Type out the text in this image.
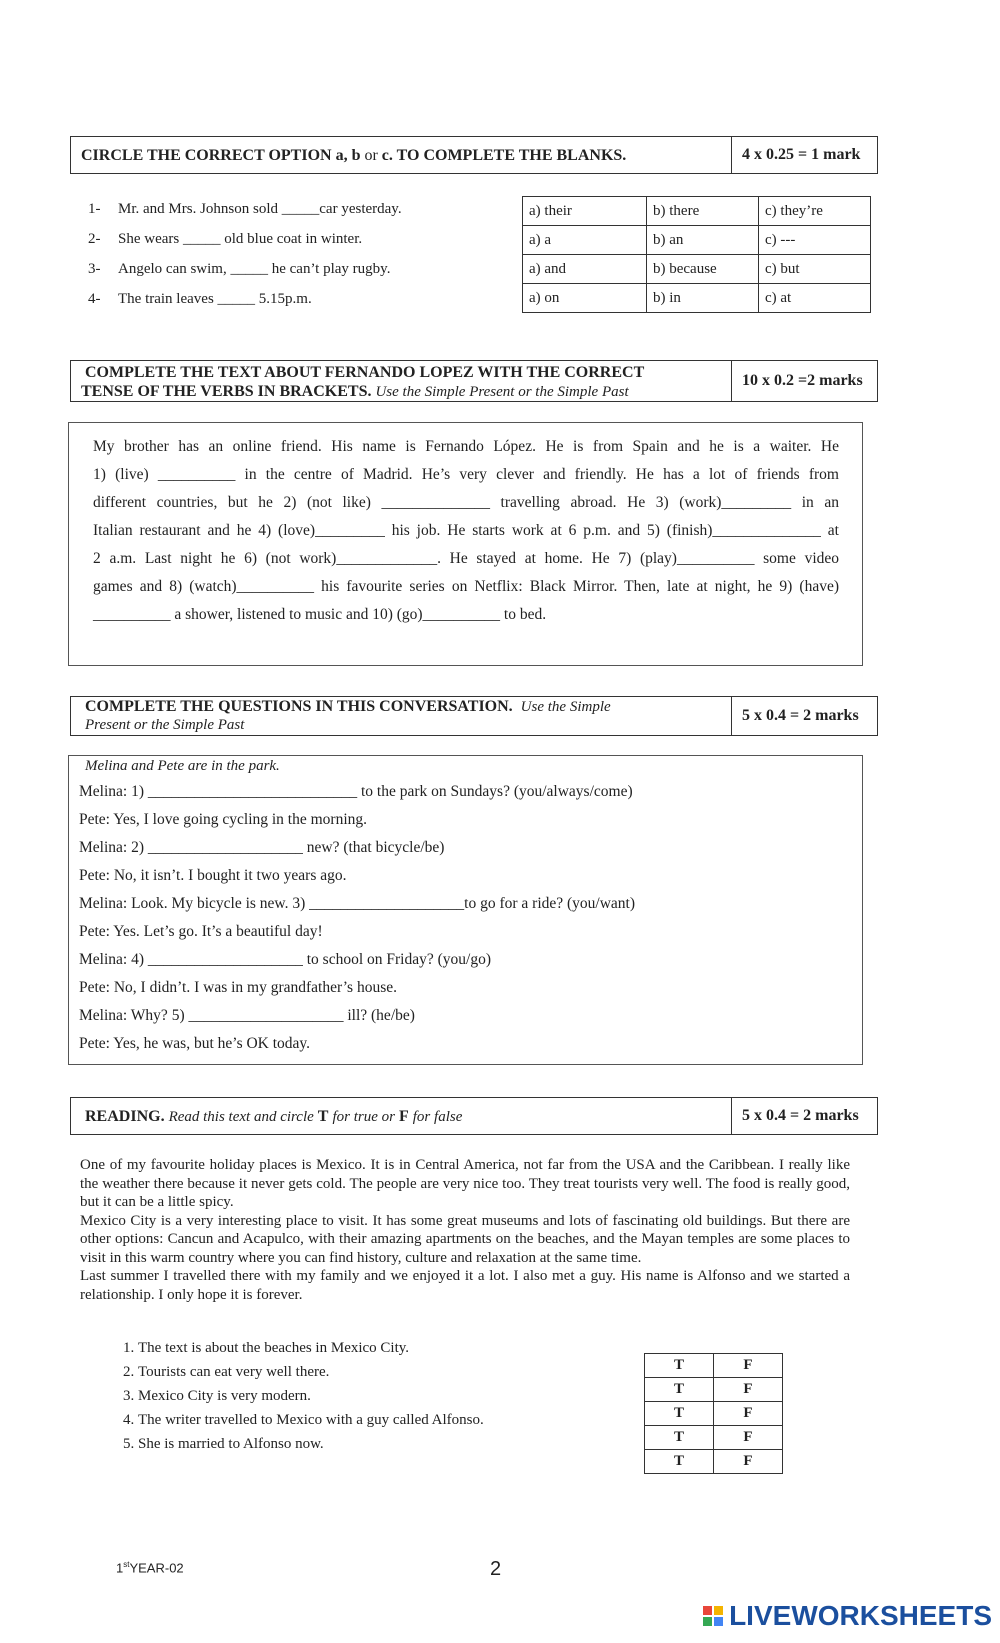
CIRCLE THE CORRECT OPTION a, b or c. TO COMPLETE THE BLANKS.	4 x 0.25 = 1 mark
1- Mr. and Mrs. Johnson sold _____car yesterday.
2- She wears _____ old blue coat in winter.
3- Angelo can swim, _____ he can’t play rugby.
4- The train leaves _____ 5.15p.m.
a) their	b) there	c) they’re
a) a	b) an	c) ---
a) and	b) because	c) but
a) on	b) in	c) at
COMPLETE THE TEXT ABOUT FERNANDO LOPEZ WITH THE CORRECT
TENSE OF THE VERBS IN BRACKETS. Use the Simple Present or the Simple Past
10 x 0.2 =2 marks
My brother has an online friend. His name is Fernando López. He is from Spain and he is a waiter. He
1) (live) __________ in the centre of Madrid. He’s very clever and friendly. He has a lot of friends from
different countries, but he 2) (not like) ______________ travelling abroad. He 3) (work)_________ in an
Italian restaurant and he 4) (love)_________ his job. He starts work at 6 p.m. and 5) (finish)______________ at
2 a.m. Last night he 6) (not work)_____________. He stayed at home. He 7) (play)__________ some video
games and 8) (watch)__________ his favourite series on Netflix: Black Mirror. Then, late at night, he 9) (have)
__________ a shower, listened to music and 10) (go)__________ to bed.
COMPLETE THE QUESTIONS IN THIS CONVERSATION. Use the Simple
Present or the Simple Past
5 x 0.4 = 2 marks
Melina and Pete are in the park.
Melina: 1) ___________________________ to the park on Sundays? (you/always/come)
Pete: Yes, I love going cycling in the morning.
Melina: 2) ____________________ new? (that bicycle/be)
Pete: No, it isn’t. I bought it two years ago.
Melina: Look. My bicycle is new. 3) ____________________to go for a ride? (you/want)
Pete: Yes. Let’s go. It’s a beautiful day!
Melina: 4) ____________________ to school on Friday? (you/go)
Pete: No, I didn’t. I was in my grandfather’s house.
Melina: Why? 5) ____________________ ill? (he/be)
Pete: Yes, he was, but he’s OK today.
READING. Read this text and circle T for true or F for false	5 x 0.4 = 2 marks
One of my favourite holiday places is Mexico. It is in Central America, not far from the USA and the Caribbean. I really like the weather there because it never gets cold. The people are very nice too. They treat tourists very well. The food is really good, but it can be a little spicy.
Mexico City is a very interesting place to visit. It has some great museums and lots of fascinating old buildings. But there are other options: Cancun and Acapulco, with their amazing apartments on the beaches, and the Mayan temples are some places to visit in this warm country where you can find history, culture and relaxation at the same time.
Last summer I travelled there with my family and we enjoyed it a lot. I also met a guy. His name is Alfonso and we started a relationship. I only hope it is forever.
1. The text is about the beaches in Mexico City.
2. Tourists can eat very well there.
3. Mexico City is very modern.
4. The writer travelled to Mexico with a guy called Alfonso.
5. She is married to Alfonso now.
T	F
T	F
T	F
T	F
T	F
1stYEAR-02	2
LIVEWORKSHEETS
